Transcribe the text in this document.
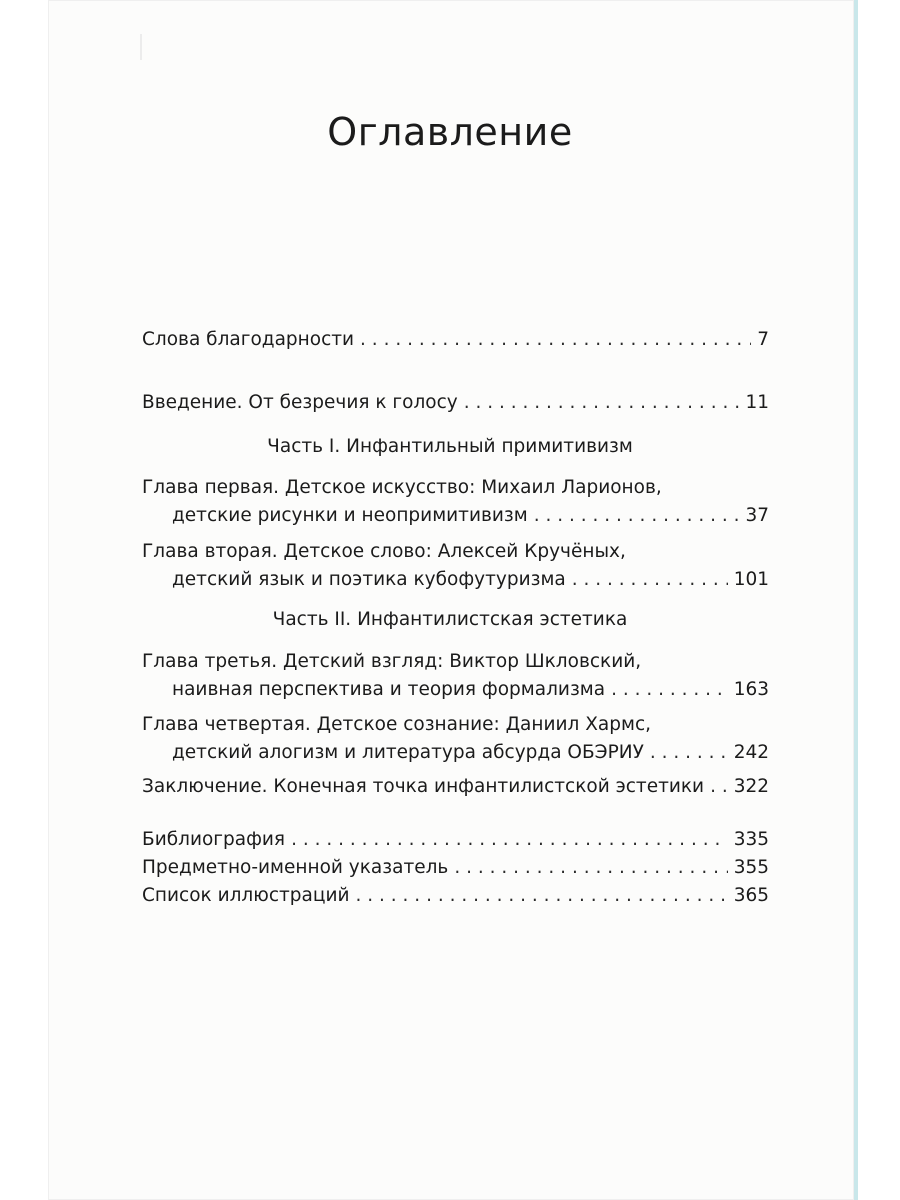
Оглавление
Слова благодарности . . .	7
Введение. От безречия к голосу . . .	11
Часть I. Инфантильный примитивизм
Глава первая. Детское искусство: Михаил Ларионов,
детские рисунки и неопримитивизм . . .	37
Глава вторая. Детское слово: Алексей Кручёных,
детский язык и поэтика кубофутуризма . . .	101
Часть II. Инфантилистская эстетика
Глава третья. Детский взгляд: Виктор Шкловский,
наивная перспектива и теория формализма . . .	163
Глава четвертая. Детское сознание: Даниил Хармс,
детский алогизм и литература абсурда ОБЭРИУ . . .	242
Заключение. Конечная точка инфантилистской эстетики . . . 322
Библиография . . .	335
Предметно-именной указатель . . .	355
Список иллюстраций . . .	365
